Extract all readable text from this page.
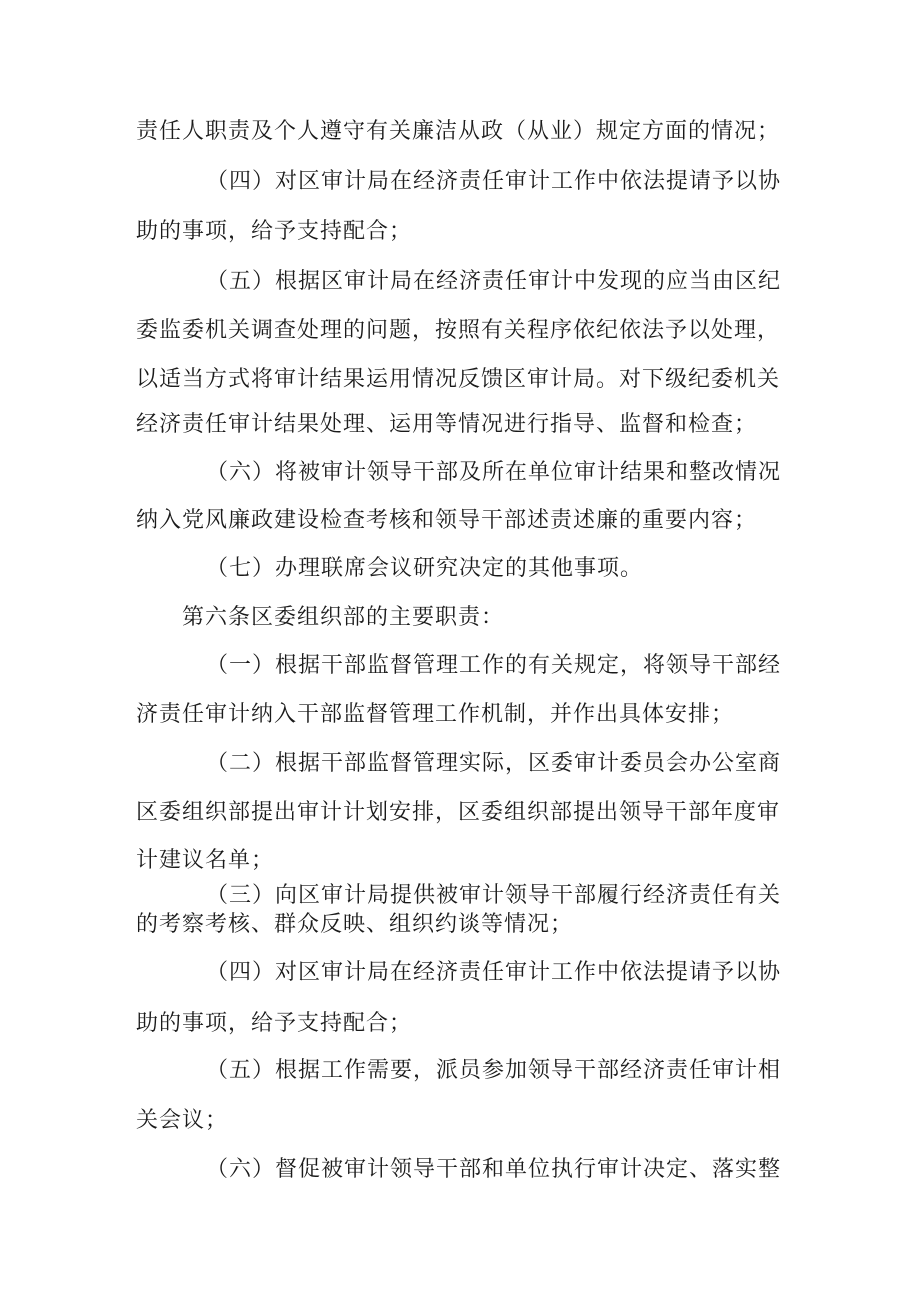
责任人职责及个人遵守有关廉洁从政（从业）规定方面的情况；
（四）对区审计局在经济责任审计工作中依法提请予以协
助的事项，给予支持配合；
（五）根据区审计局在经济责任审计中发现的应当由区纪
委监委机关调查处理的问题，按照有关程序依纪依法予以处理，
以适当方式将审计结果运用情况反馈区审计局。对下级纪委机关
经济责任审计结果处理、运用等情况进行指导、监督和检查；
（六）将被审计领导干部及所在单位审计结果和整改情况
纳入党风廉政建设检查考核和领导干部述责述廉的重要内容；
（七）办理联席会议研究决定的其他事项。
第六条区委组织部的主要职责：
（一）根据干部监督管理工作的有关规定，将领导干部经
济责任审计纳入干部监督管理工作机制，并作出具体安排；
（二）根据干部监督管理实际，区委审计委员会办公室商
区委组织部提出审计计划安排，区委组织部提出领导干部年度审
计建议名单；
（三）向区审计局提供被审计领导干部履行经济责任有关
的考察考核、群众反映、组织约谈等情况；
（四）对区审计局在经济责任审计工作中依法提请予以协
助的事项，给予支持配合；
（五）根据工作需要，派员参加领导干部经济责任审计相
关会议；
（六）督促被审计领导干部和单位执行审计决定、落实整
